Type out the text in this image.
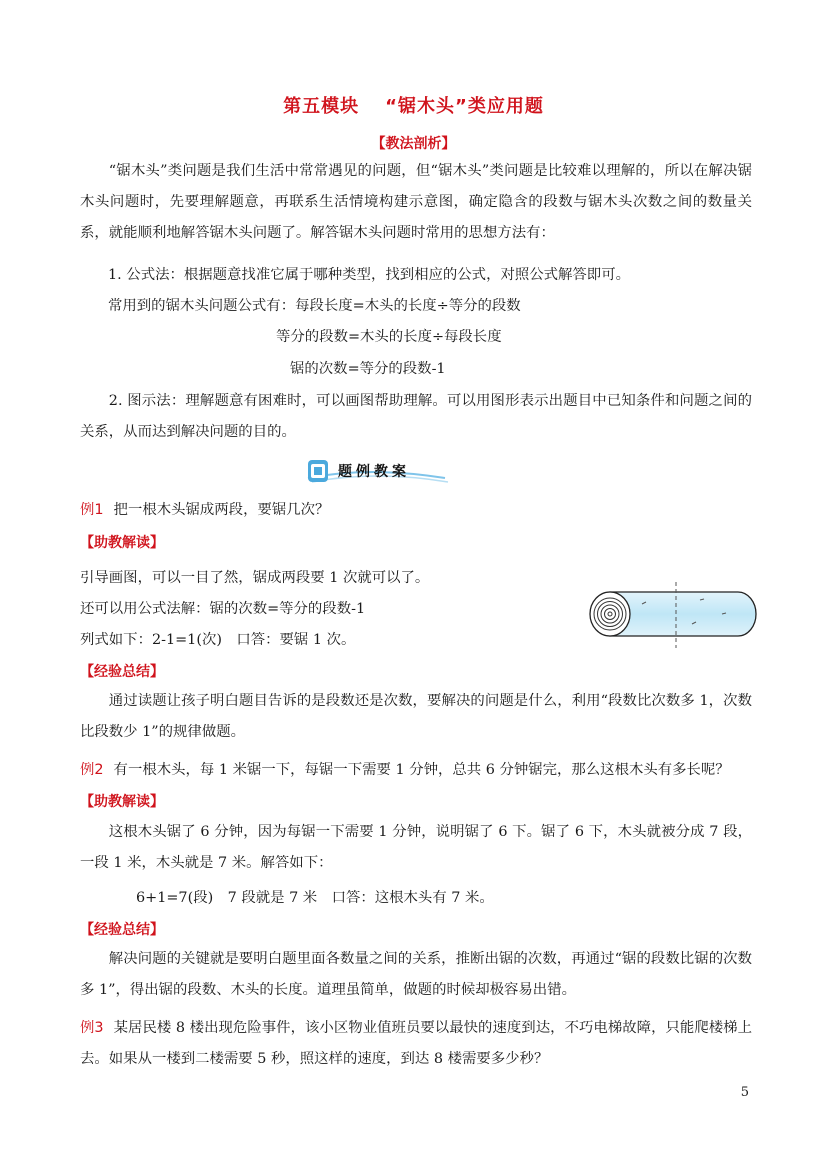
第五模块 “锯木头”类应用题
【教法剖析】
“锯木头”类问题是我们生活中常常遇见的问题，但“锯木头”类问题是比较难以理解的，所以在解决锯木头问题时，先要理解题意，再联系生活情境构建示意图，确定隐含的段数与锯木头次数之间的数量关系，就能顺利地解答锯木头问题了。解答锯木头问题时常用的思想方法有：
1. 公式法：根据题意找准它属于哪种类型，找到相应的公式，对照公式解答即可。
常用到的锯木头问题公式有：每段长度=木头的长度÷等分的段数
等分的段数=木头的长度÷每段长度
锯的次数=等分的段数-1
2. 图示法：理解题意有困难时，可以画图帮助理解。可以用图形表示出题目中已知条件和问题之间的关系，从而达到解决问题的目的。
题例教案
例1 把一根木头锯成两段，要锯几次？
【助教解读】
引导画图，可以一目了然，锯成两段要 1 次就可以了。
还可以用公式法解：锯的次数=等分的段数-1
列式如下：2-1=1(次)　口答：要锯 1 次。
【经验总结】
通过读题让孩子明白题目告诉的是段数还是次数，要解决的问题是什么，利用“段数比次数多 1，次数比段数少 1”的规律做题。
例2 有一根木头，每 1 米锯一下，每锯一下需要 1 分钟，总共 6 分钟锯完，那么这根木头有多长呢？
【助教解读】
这根木头锯了 6 分钟，因为每锯一下需要 1 分钟，说明锯了 6 下。锯了 6 下，木头就被分成 7 段，一段 1 米，木头就是 7 米。解答如下：
6+1=7(段)　7 段就是 7 米　口答：这根木头有 7 米。
【经验总结】
解决问题的关键就是要明白题里面各数量之间的关系，推断出锯的次数，再通过“锯的段数比锯的次数多 1”，得出锯的段数、木头的长度。道理虽简单，做题的时候却极容易出错。
例3 某居民楼 8 楼出现危险事件，该小区物业值班员要以最快的速度到达，不巧电梯故障，只能爬楼梯上去。如果从一楼到二楼需要 5 秒，照这样的速度，到达 8 楼需要多少秒？
5
